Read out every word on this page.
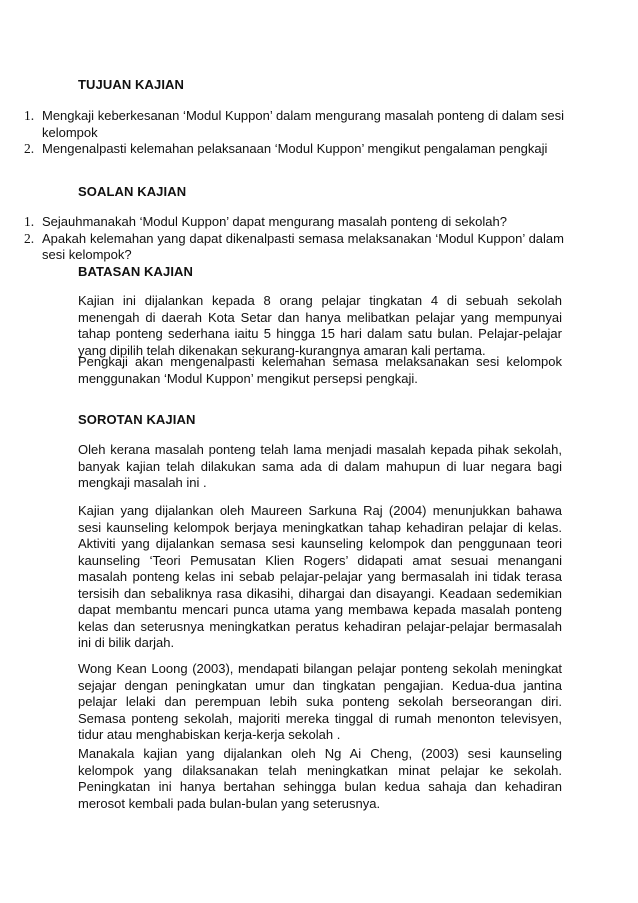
TUJUAN KAJIAN
1. Mengkaji keberkesanan ‘Modul Kuppon’ dalam mengurang masalah ponteng di dalam sesi kelompok
2. Mengenalpasti kelemahan pelaksanaan ‘Modul Kuppon’ mengikut pengalaman pengkaji
SOALAN KAJIAN
1. Sejauhmanakah ‘Modul Kuppon’ dapat mengurang masalah ponteng di sekolah?
2. Apakah kelemahan yang dapat dikenalpasti semasa melaksanakan ‘Modul Kuppon’ dalam sesi kelompok?
BATASAN KAJIAN

Kajian ini dijalankan kepada 8 orang pelajar tingkatan 4 di sebuah sekolah menengah di daerah Kota Setar dan hanya melibatkan pelajar yang mempunyai tahap ponteng sederhana iaitu 5 hingga 15 hari dalam satu bulan. Pelajar-pelajar yang dipilih telah dikenakan sekurang-kurangnya amaran kali pertama.

Pengkaji akan mengenalpasti kelemahan semasa melaksanakan sesi kelompok menggunakan ‘Modul Kuppon’ mengikut persepsi pengkaji.

SOROTAN KAJIAN

Oleh kerana masalah ponteng telah lama menjadi masalah kepada pihak sekolah, banyak kajian telah dilakukan sama ada di dalam mahupun di luar negara bagi mengkaji masalah ini .

Kajian yang dijalankan oleh Maureen Sarkuna Raj (2004) menunjukkan bahawa sesi kaunseling kelompok berjaya meningkatkan tahap kehadiran pelajar di kelas. Aktiviti yang dijalankan semasa sesi kaunseling kelompok dan penggunaan teori kaunseling ‘Teori Pemusatan Klien Rogers’ didapati amat sesuai menangani masalah ponteng kelas ini sebab pelajar-pelajar yang bermasalah ini tidak terasa tersisih dan sebaliknya rasa dikasihi, dihargai dan disayangi. Keadaan sedemikian dapat membantu mencari punca utama yang membawa kepada masalah ponteng kelas dan seterusnya meningkatkan peratus kehadiran pelajar-pelajar bermasalah ini di bilik darjah.

Wong Kean Loong (2003), mendapati bilangan pelajar ponteng sekolah meningkat sejajar dengan peningkatan umur dan tingkatan pengajian. Kedua-dua jantina pelajar lelaki dan perempuan lebih suka ponteng sekolah berseorangan diri. Semasa ponteng sekolah, majoriti mereka tinggal di rumah menonton televisyen, tidur atau menghabiskan kerja-kerja sekolah .

Manakala kajian yang dijalankan oleh Ng Ai Cheng, (2003) sesi kaunseling kelompok yang dilaksanakan telah meningkatkan minat pelajar ke sekolah. Peningkatan ini hanya bertahan sehingga bulan kedua sahaja dan kehadiran merosot kembali pada bulan-bulan yang seterusnya.
